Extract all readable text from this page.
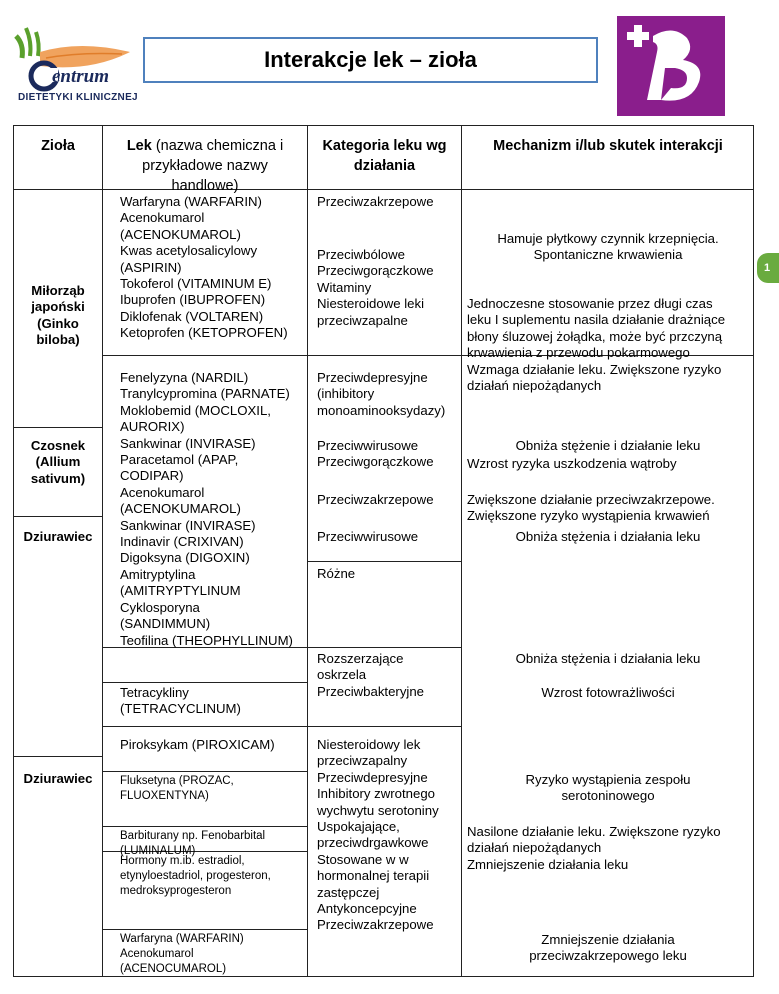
entrum
DIETETYKI KLINICZNEJ
Interakcje lek – zioła
1
Zioła	Lek (nazwa chemiczna i
przykładowe nazwy
handlowe)
Kategoria leku wg
działania
Mechanizm i/lub skutek interakcji
Miłorząb
japoński
(Ginko
biloba)
Czosnek
(Allium
sativum)
Dziurawiec
Dziurawiec
Warfaryna (WARFARIN)
Acenokumarol
(ACENOKUMAROL)
Kwas acetylosalicylowy
(ASPIRIN)
Tokoferol (VITAMINUM E)
Ibuprofen (IBUPROFEN)
Diklofenak (VOLTAREN)
Ketoprofen (KETOPROFEN)
Fenelyzyna (NARDIL)
Tranylcypromina (PARNATE)
Moklobemid (MOCLOXIL,
AURORIX)
Sankwinar (INVIRASE)
Paracetamol (APAP,
CODIPAR)
Acenokumarol
(ACENOKUMAROL)
Sankwinar (INVIRASE)
Indinavir (CRIXIVAN)
Digoksyna (DIGOXIN)
Amitryptylina
(AMITRYPTYLINUM
Cyklosporyna
(SANDIMMUN)
Teofilina (THEOPHYLLINUM)
Tetracykliny
(TETRACYCLINUM)
Piroksykam (PIROXICAM)
Fluksetyna (PROZAC,
FLUOXENTYNA)
Barbiturany np. Fenobarbital
(LUMINALUM)
Hormony m.ib. estradiol,
etynyloestadriol, progesteron,
medroksyprogesteron
Warfaryna (WARFARIN)
Acenokumarol
(ACENOCUMAROL)
Przeciwzakrzepowe
Przeciwbólowe
Przeciwgorączkowe
Witaminy
Niesteroidowe leki
przeciwzapalne
Przeciwdepresyjne
(inhibitory
monoaminooksydazy)
Przeciwwirusowe
Przeciwgorączkowe
Przeciwzakrzepowe
Przeciwwirusowe
Różne
Rozszerzające
oskrzela
Przeciwbakteryjne
Niesteroidowy lek
przeciwzapalny
Przeciwdepresyjne
Inhibitory zwrotnego
wychwytu serotoniny
Uspokajające,
przeciwdrgawkowe
Stosowane w w
hormonalnej terapii
zastępczej
Antykoncepcyjne
Przeciwzakrzepowe
Hamuje płytkowy czynnik krzepnięcia.
Spontaniczne krwawienia
Jednoczesne stosowanie przez długi czas
leku I suplementu nasila działanie drażniące
błony śluzowej żołądka, może być przczyną
krwawienia z przewodu pokarmowego
Wzmaga działanie leku. Zwiększone ryzyko
działań niepożądanych
Obniża stężenie i działanie leku
Wzrost ryzyka uszkodzenia wątroby
Zwiększone działanie przeciwzakrzepowe.
Zwiększone ryzyko wystąpienia krwawień
Obniża stężenia i działania leku
Obniża stężenia i działania leku
Wzrost fotowrażliwości
Ryzyko wystąpienia zespołu
serotoninowego
Nasilone działanie leku. Zwiększone ryzyko
działań niepożądanych
Zmniejszenie działania leku
Zmniejszenie działania
przeciwzakrzepowego leku
